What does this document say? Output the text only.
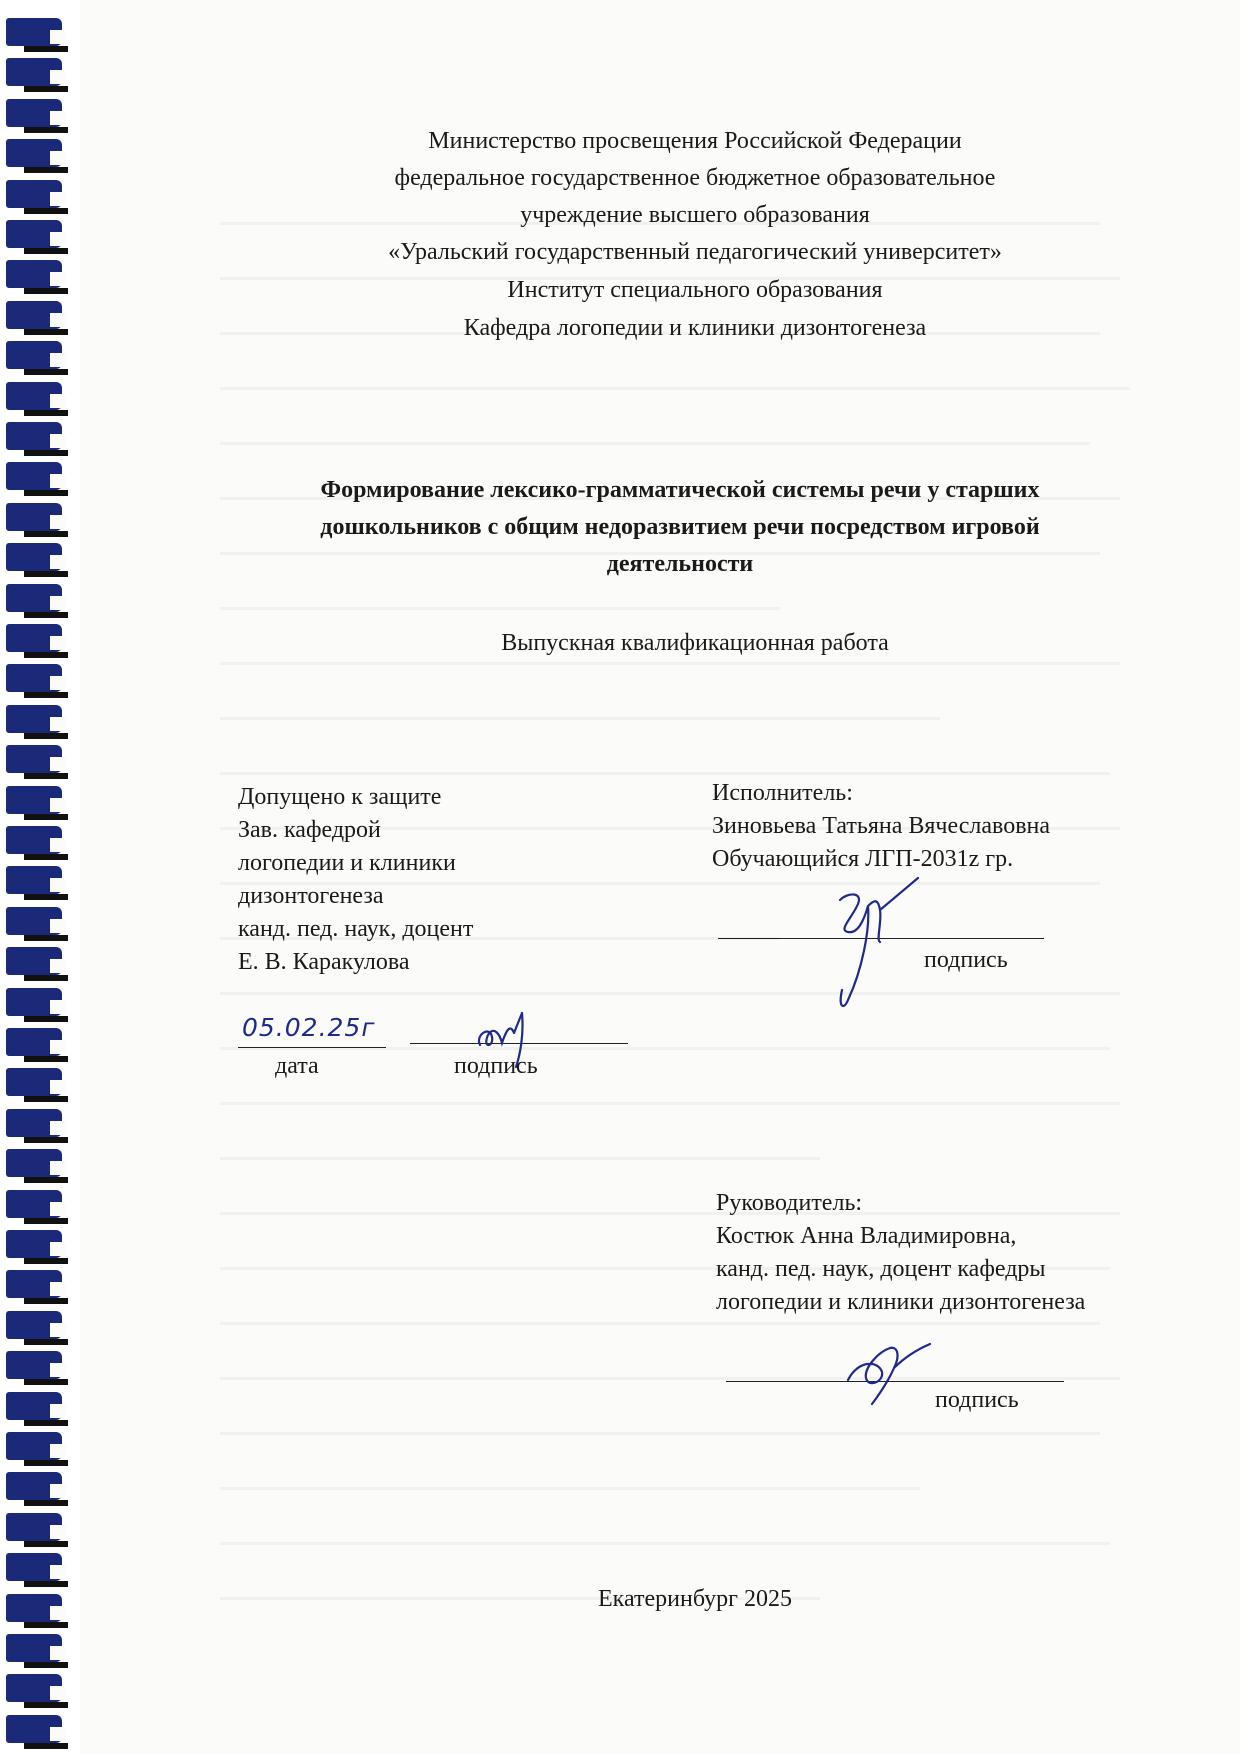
Министерство просвещения Российской Федерации
федеральное государственное бюджетное образовательное
учреждение высшего образования
«Уральский государственный педагогический университет»
Институт специального образования
Кафедра логопедии и клиники дизонтогенеза
Формирование лексико-грамматической системы речи у старших
дошкольников с общим недоразвитием речи посредством игровой
деятельности
Выпускная квалификационная работа
Допущено к защите
Зав. кафедрой
логопедии и клиники
дизонтогенеза
канд. пед. наук, доцент
Е. В. Каракулова
05.02.25г
дата	подпись
Исполнитель:
Зиновьева Татьяна Вячеславовна
Обучающийся ЛГП-2031z гр.
подпись
Руководитель:
Костюк Анна Владимировна,
канд. пед. наук, доцент кафедры
логопедии и клиники дизонтогенеза
подпись
Екатеринбург 2025
